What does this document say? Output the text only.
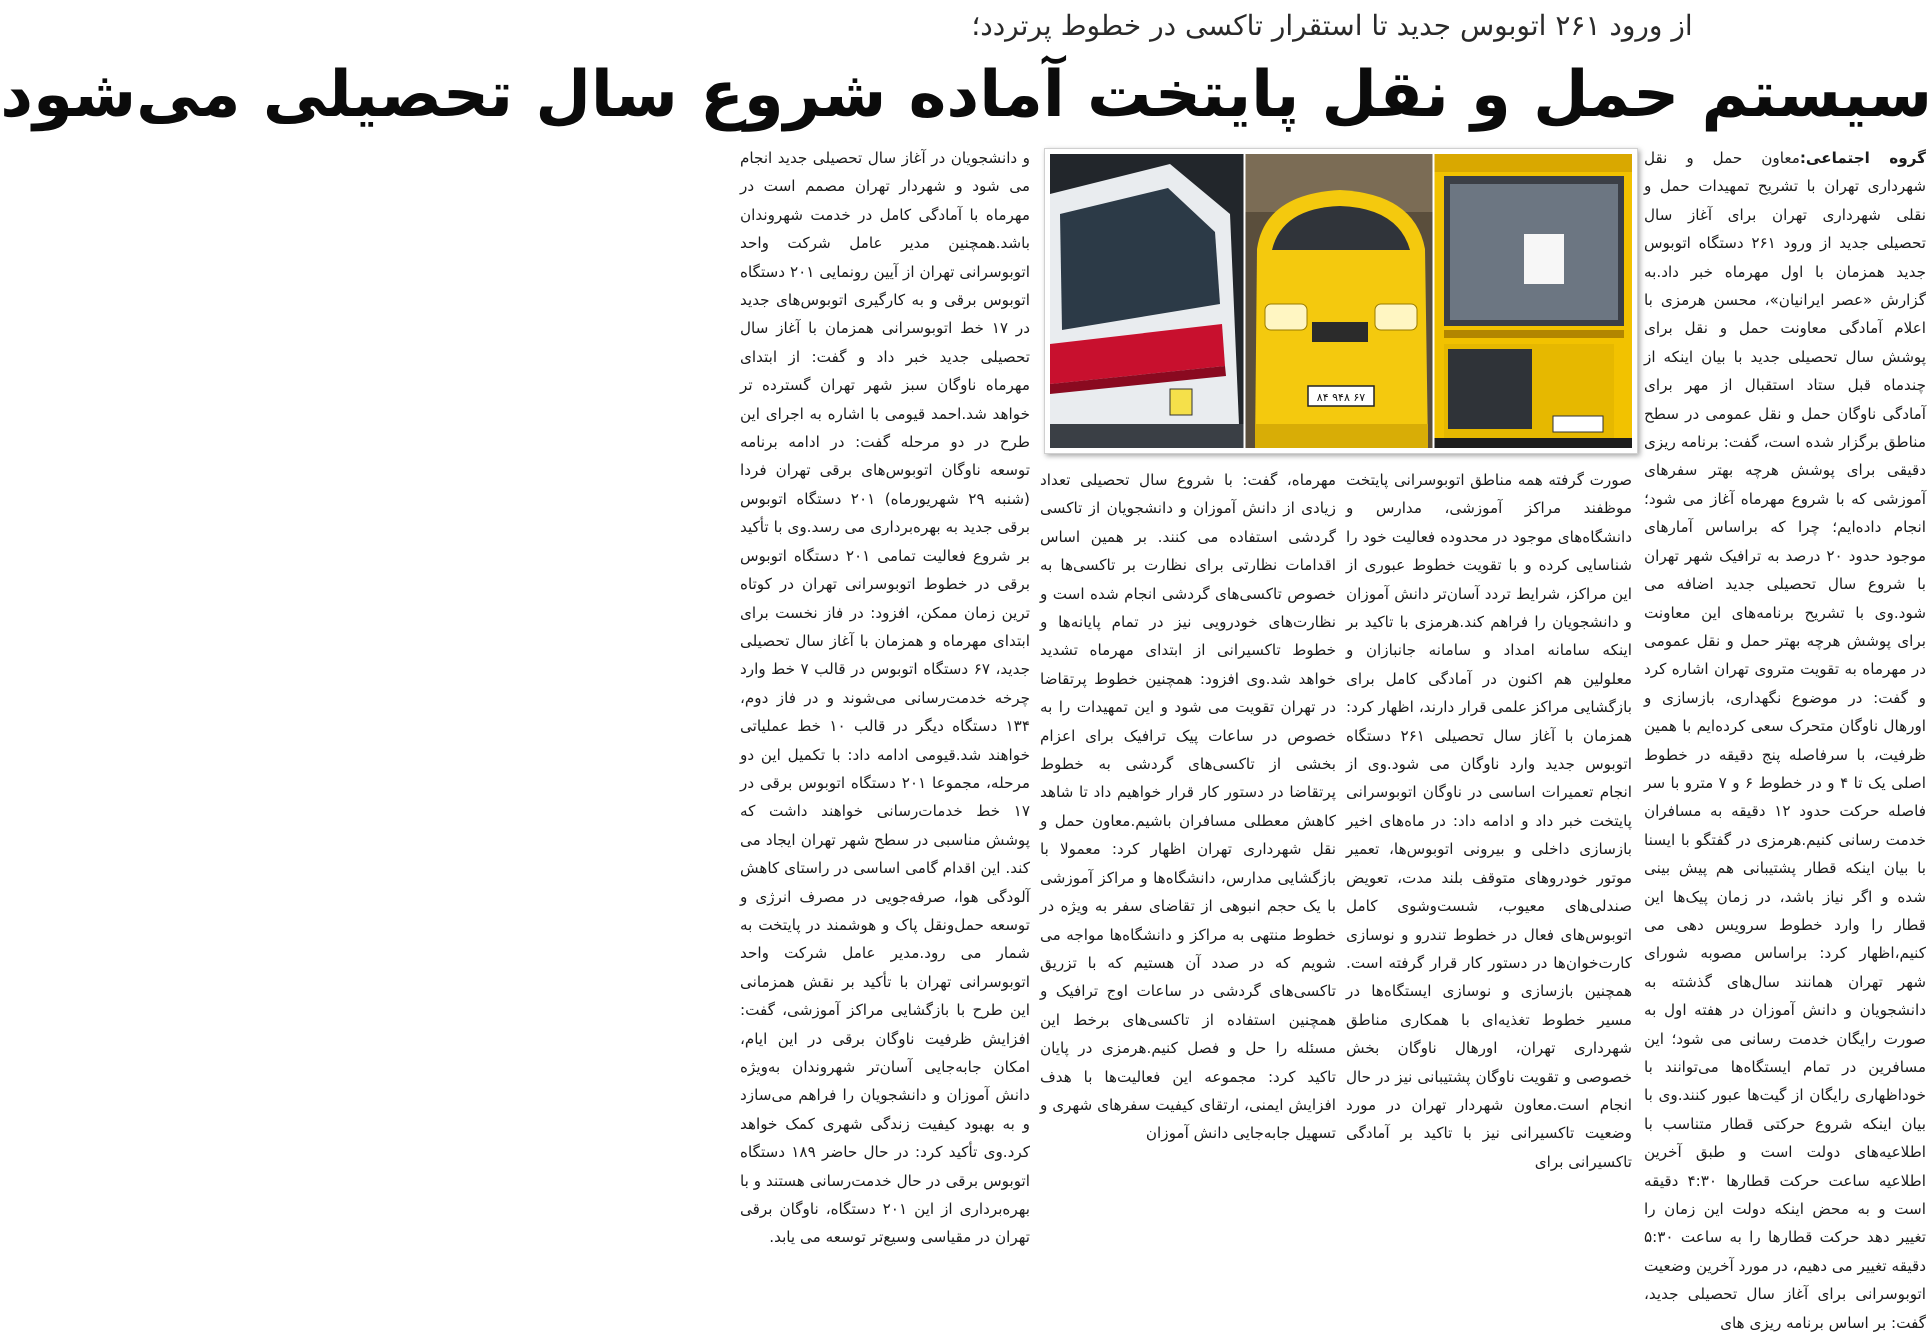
از ورود ۲۶۱ اتوبوس جدید تا استقرار تاکسی در خطوط پرتردد؛
سیستم حمل و نقل پایتخت آماده شروع سال تحصیلی می‌شود
گروه اجتماعی:معاون حمل و نقل شهرداری تهران با تشریح تمهیدات حمل و نقلی شهرداری تهران برای آغاز سال تحصیلی جدید از ورود ۲۶۱ دستگاه اتوبوس جدید همزمان با اول مهرماه خبر داد.به گزارش «عصر ایرانیان»، محسن هرمزی با اعلام آمادگی معاونت حمل و نقل برای پوشش سال تحصیلی جدید با بیان اینکه از چندماه قبل ستاد استقبال از مهر برای آمادگی ناوگان حمل و نقل عمومی در سطح مناطق برگزار شده است، گفت: برنامه ریزی دقیقی برای پوشش هرچه بهتر سفرهای آموزشی که با شروع مهرماه آغاز می شود؛ انجام داده‌ایم؛ چرا که براساس آمارهای موجود حدود ۲۰ درصد به ترافیک شهر تهران با شروع سال تحصیلی جدید اضافه می شود.وی با تشریح برنامه‌های این معاونت برای پوشش هرچه بهتر حمل و نقل عمومی در مهرماه به تقویت متروی تهران اشاره کرد و گفت: در موضوع نگهداری، بازسازی و اورهال ناوگان متحرک سعی کرده‌ایم با همین ظرفیت، با سرفاصله پنج دقیقه در خطوط اصلی یک تا ۴ و در خطوط ۶ و ۷ مترو با سر فاصله حرکت حدود ۱۲ دقیقه به مسافران خدمت رسانی کنیم.هرمزی در گفتگو با ایسنا با بیان اینکه قطار پشتیبانی هم پیش بینی شده و اگر نیاز باشد، در زمان پیک‌ها این قطار را وارد خطوط سرویس دهی می کنیم،اظهار کرد: براساس مصوبه شورای شهر تهران همانند سال‌های گذشته به دانشجویان و دانش آموزان در هفته اول به صورت رایگان خدمت رسانی می شود؛ این مسافرین در تمام ایستگاه‌ها می‌توانند با خوداظهاری رایگان از گیت‌ها عبور کنند.وی با بیان اینکه شروع حرکتی قطار متناسب با اطلاعیه‌های دولت است و طبق آخرین اطلاعیه ساعت حرکت قطارها ۴:۳۰ دقیقه است و به محض اینکه دولت این زمان را تغییر دهد حرکت قطارها را به ساعت ۵:۳۰ دقیقه تغییر می دهیم، در مورد آخرین وضعیت اتوبوسرانی برای آغاز سال تحصیلی جدید، گفت: بر اساس برنامه ریزی های
صورت گرفته همه مناطق اتوبوسرانی پایتخت موظفند مراکز آموزشی، مدارس و دانشگاه‌های موجود در محدوده فعالیت خود را شناسایی کرده و با تقویت خطوط عبوری از این مراکز، شرایط تردد آسان‌تر دانش آموزان و دانشجویان را فراهم کند.هرمزی با تاکید بر اینکه سامانه امداد و سامانه جانبازان و معلولین هم اکنون در آمادگی کامل برای بازگشایی مراکز علمی قرار دارند، اظهار کرد: همزمان با آغاز سال تحصیلی ۲۶۱ دستگاه اتوبوس جدید وارد ناوگان می شود.وی از انجام تعمیرات اساسی در ناوگان اتوبوسرانی پایتخت خبر داد و ادامه داد: در ماه‌های اخیر بازسازی داخلی و بیرونی اتوبوس‌ها، تعمیر موتور خودروهای متوقف بلند مدت، تعویض صندلی‌های معیوب، شست‌وشوی کامل اتوبوس‌های فعال در خطوط تندرو و نوسازی کارت‌خوان‌ها در دستور کار قرار گرفته است. همچنین بازسازی و نوسازی ایستگاه‌ها در مسیر خطوط تغذیه‌ای با همکاری مناطق شهرداری تهران، اورهال ناوگان بخش خصوصی و تقویت ناوگان پشتیبانی نیز در حال انجام است.معاون شهردار تهران در مورد وضعیت تاکسیرانی نیز با تاکید بر آمادگی تاکسیرانی برای
مهرماه، گفت: با شروع سال تحصیلی تعداد زیادی از دانش آموزان و دانشجویان از تاکسی گردشی استفاده می کنند. بر همین اساس اقدامات نظارتی برای نظارت بر تاکسی‌ها به خصوص تاکسی‌های گردشی انجام شده است و نظارت‌های خودرویی نیز در تمام پایانه‌ها و خطوط تاکسیرانی از ابتدای مهرماه تشدید خواهد شد.وی افزود: همچنین خطوط پرتقاضا در تهران تقویت می شود و این تمهیدات را به خصوص در ساعات پیک ترافیک برای اعزام بخشی از تاکسی‌های گردشی به خطوط پرتقاضا در دستور کار قرار خواهیم داد تا شاهد کاهش معطلی مسافران باشیم.معاون حمل و نقل شهرداری تهران اظهار کرد: معمولا با بازگشایی مدارس، دانشگاه‌ها و مراکز آموزشی با یک حجم انبوهی از تقاضای سفر به ویژه در خطوط منتهی به مراکز و دانشگاه‌ها مواجه می شویم که در صدد آن هستیم که با تزریق تاکسی‌های گردشی در ساعات اوج ترافیک و همچنین استفاده از تاکسی‌های برخط این مسئله را حل و فصل کنیم.هرمزی در پایان تاکید کرد: مجموعه این فعالیت‌ها با هدف افزایش ایمنی، ارتقای کیفیت سفرهای شهری و تسهیل جابه‌جایی دانش آموزان
و دانشجویان در آغاز سال تحصیلی جدید انجام می شود و شهردار تهران مصمم است در مهرماه با آمادگی کامل در خدمت شهروندان باشد.همچنین مدیر عامل شرکت واحد اتوبوسرانی تهران از آیین رونمایی ۲۰۱ دستگاه اتوبوس برقی و به کارگیری اتوبوس‌های جدید در ۱۷ خط اتوبوسرانی همزمان با آغاز سال تحصیلی جدید خبر داد و گفت: از ابتدای مهرماه ناوگان سبز شهر تهران گسترده تر خواهد شد.احمد قیومی با اشاره به اجرای این طرح در دو مرحله گفت: در ادامه برنامه توسعه ناوگان اتوبوس‌های برقی تهران فردا (شنبه ۲۹ شهریورماه) ۲۰۱ دستگاه اتوبوس برقی جدید به بهره‌برداری می رسد.وی با تأکید بر شروع فعالیت تمامی ۲۰۱ دستگاه اتوبوس برقی در خطوط اتوبوسرانی تهران در کوتاه ترین زمان ممکن، افزود: در فاز نخست برای ابتدای مهرماه و همزمان با آغاز سال تحصیلی جدید، ۶۷ دستگاه اتوبوس در قالب ۷ خط وارد چرخه خدمت‌رسانی می‌شوند و در فاز دوم، ۱۳۴ دستگاه دیگر در قالب ۱۰ خط عملیاتی خواهند شد.قیومی ادامه داد: با تکمیل این دو مرحله، مجموعا ۲۰۱ دستگاه اتوبوس برقی در ۱۷ خط خدمات‌رسانی خواهند داشت که پوشش مناسبی در سطح شهر تهران ایجاد می کند. این اقدام گامی اساسی در راستای کاهش آلودگی هوا، صرفه‌جویی در مصرف انرژی و توسعه حمل‌ونقل پاک و هوشمند در پایتخت به شمار می رود.مدیر عامل شرکت واحد اتوبوسرانی تهران با تأکید بر نقش همزمانی این طرح با بازگشایی مراکز آموزشی، گفت: افزایش ظرفیت ناوگان برقی در این ایام، امکان جابه‌جایی آسان‌تر شهروندان به‌ویژه دانش آموزان و دانشجویان را فراهم می‌سازد و به بهبود کیفیت زندگی شهری کمک خواهد کرد.وی تأکید کرد: در حال حاضر ۱۸۹ دستگاه اتوبوس برقی در حال خدمت‌رسانی هستند و با بهره‌برداری از این ۲۰۱ دستگاه، ناوگان برقی تهران در مقیاسی وسیع‌تر توسعه می یابد.
۶۷ ۹۴۸ ۸۴
